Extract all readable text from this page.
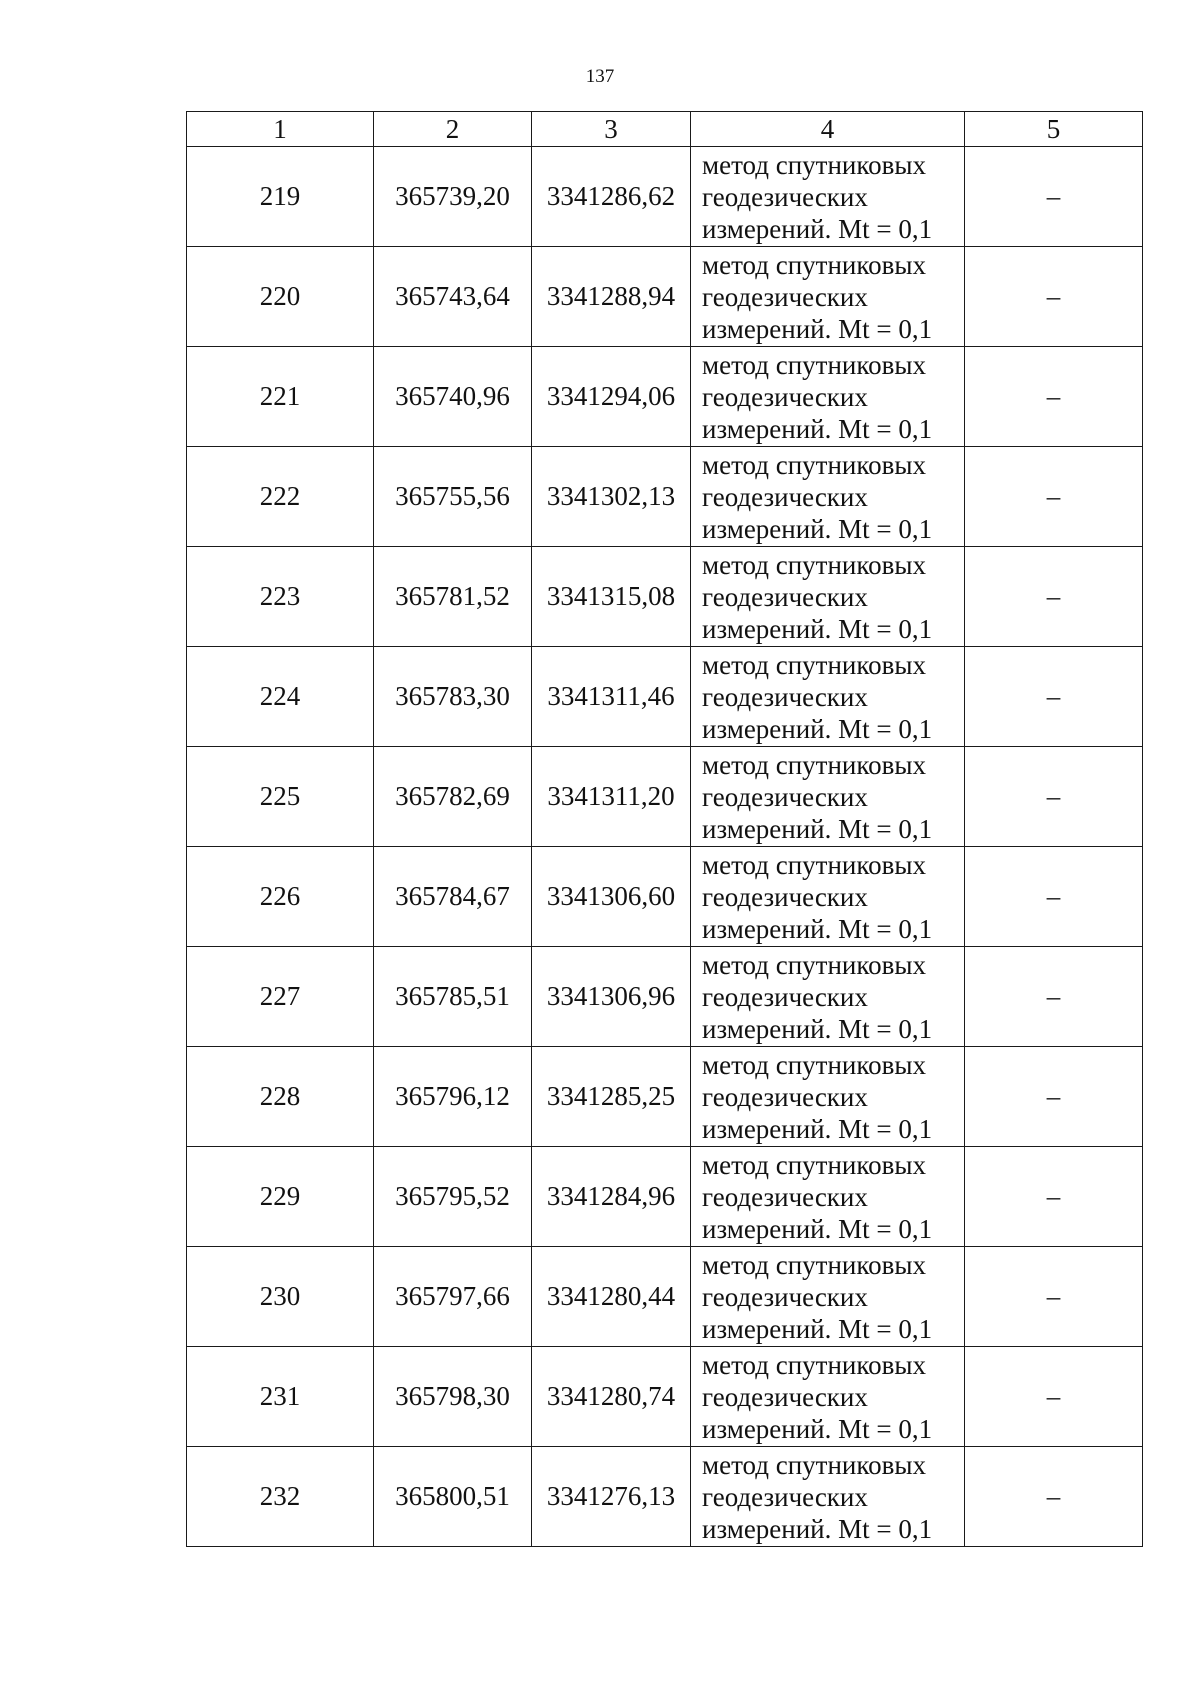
137
1	2	3	4	5
219	365739,20	3341286,62	метод спутниковых
геодезических
измерений. Mt = 0,1	–
220	365743,64	3341288,94	метод спутниковых
геодезических
измерений. Mt = 0,1	–
221	365740,96	3341294,06	метод спутниковых
геодезических
измерений. Mt = 0,1	–
222	365755,56	3341302,13	метод спутниковых
геодезических
измерений. Mt = 0,1	–
223	365781,52	3341315,08	метод спутниковых
геодезических
измерений. Mt = 0,1	–
224	365783,30	3341311,46	метод спутниковых
геодезических
измерений. Mt = 0,1	–
225	365782,69	3341311,20	метод спутниковых
геодезических
измерений. Mt = 0,1	–
226	365784,67	3341306,60	метод спутниковых
геодезических
измерений. Mt = 0,1	–
227	365785,51	3341306,96	метод спутниковых
геодезических
измерений. Mt = 0,1	–
228	365796,12	3341285,25	метод спутниковых
геодезических
измерений. Mt = 0,1	–
229	365795,52	3341284,96	метод спутниковых
геодезических
измерений. Mt = 0,1	–
230	365797,66	3341280,44	метод спутниковых
геодезических
измерений. Mt = 0,1	–
231	365798,30	3341280,74	метод спутниковых
геодезических
измерений. Mt = 0,1	–
232	365800,51	3341276,13	метод спутниковых
геодезических
измерений. Mt = 0,1	–
